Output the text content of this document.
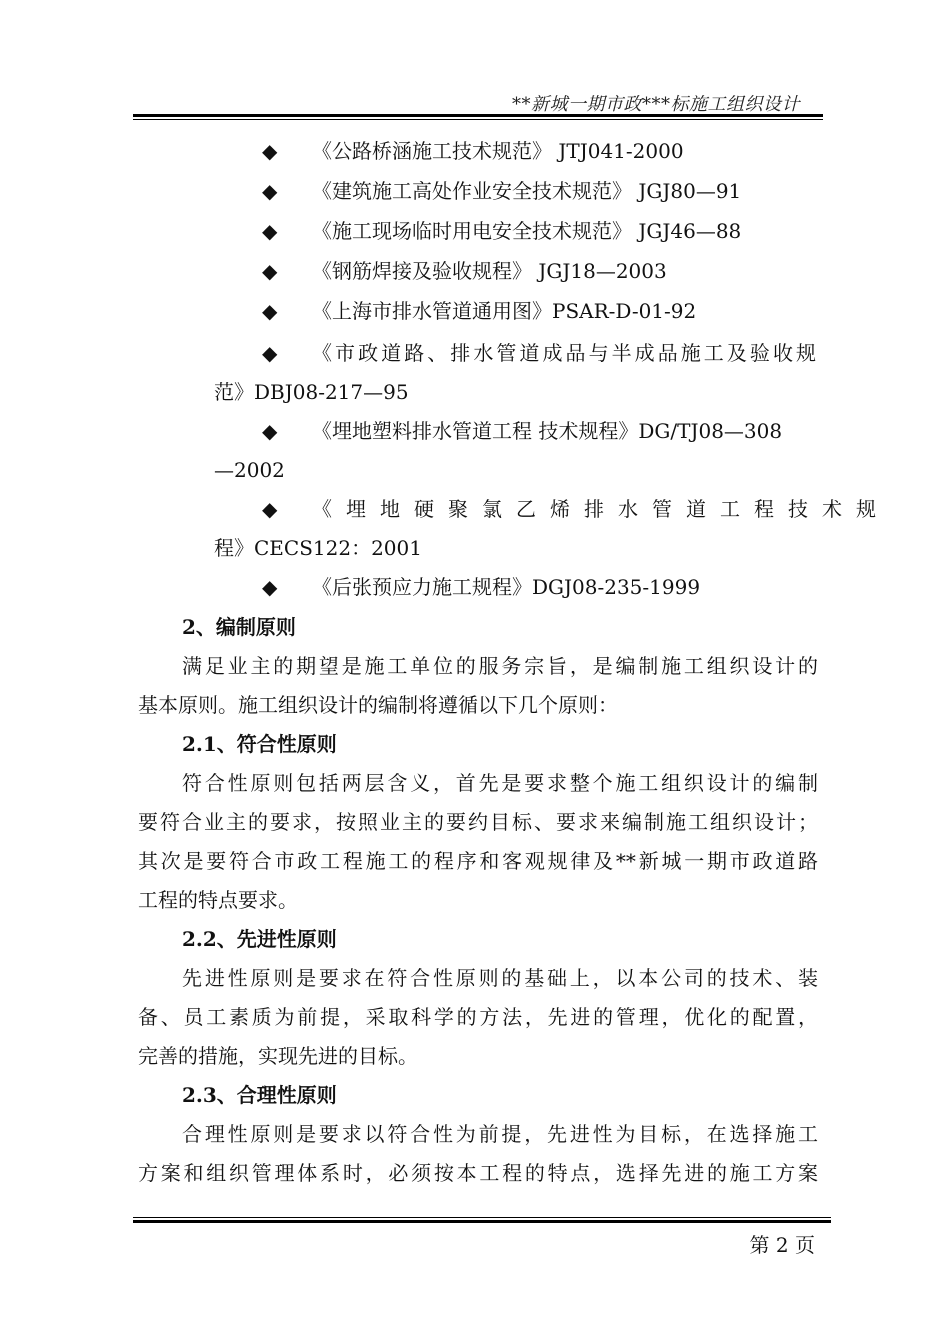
**新城一期市政***标施工组织设计
◆ 《公路桥涵施工技术规范》 JTJ041-2000
◆ 《建筑施工高处作业安全技术规范》 JGJ80—91
◆ 《施工现场临时用电安全技术规范》 JGJ46—88
◆ 《钢筋焊接及验收规程》 JGJ18—2003
◆ 《上海市排水管道通用图》PSAR-D-01-92
◆ 《市政道路、排水管道成品与半成品施工及验收规
范》DBJ08-217—95
◆ 《埋地塑料排水管道工程 技术规程》DG/TJ08—308
—2002
◆ 《埋地硬聚氯乙烯排水管道工程技术规
程》CECS122：2001
◆ 《后张预应力施工规程》DGJ08-235-1999
2、编制原则
满足业主的期望是施工单位的服务宗旨，是编制施工组织设计的
基本原则。施工组织设计的编制将遵循以下几个原则：
2.1、符合性原则
符合性原则包括两层含义，首先是要求整个施工组织设计的编制
要符合业主的要求，按照业主的要约目标、要求来编制施工组织设计；
其次是要符合市政工程施工的程序和客观规律及**新城一期市政道路
工程的特点要求。
2.2、先进性原则
先进性原则是要求在符合性原则的基础上，以本公司的技术、装
备、员工素质为前提，采取科学的方法，先进的管理，优化的配置，
完善的措施，实现先进的目标。
2.3、合理性原则
合理性原则是要求以符合性为前提，先进性为目标，在选择施工
方案和组织管理体系时，必须按本工程的特点，选择先进的施工方案
第 2 页
